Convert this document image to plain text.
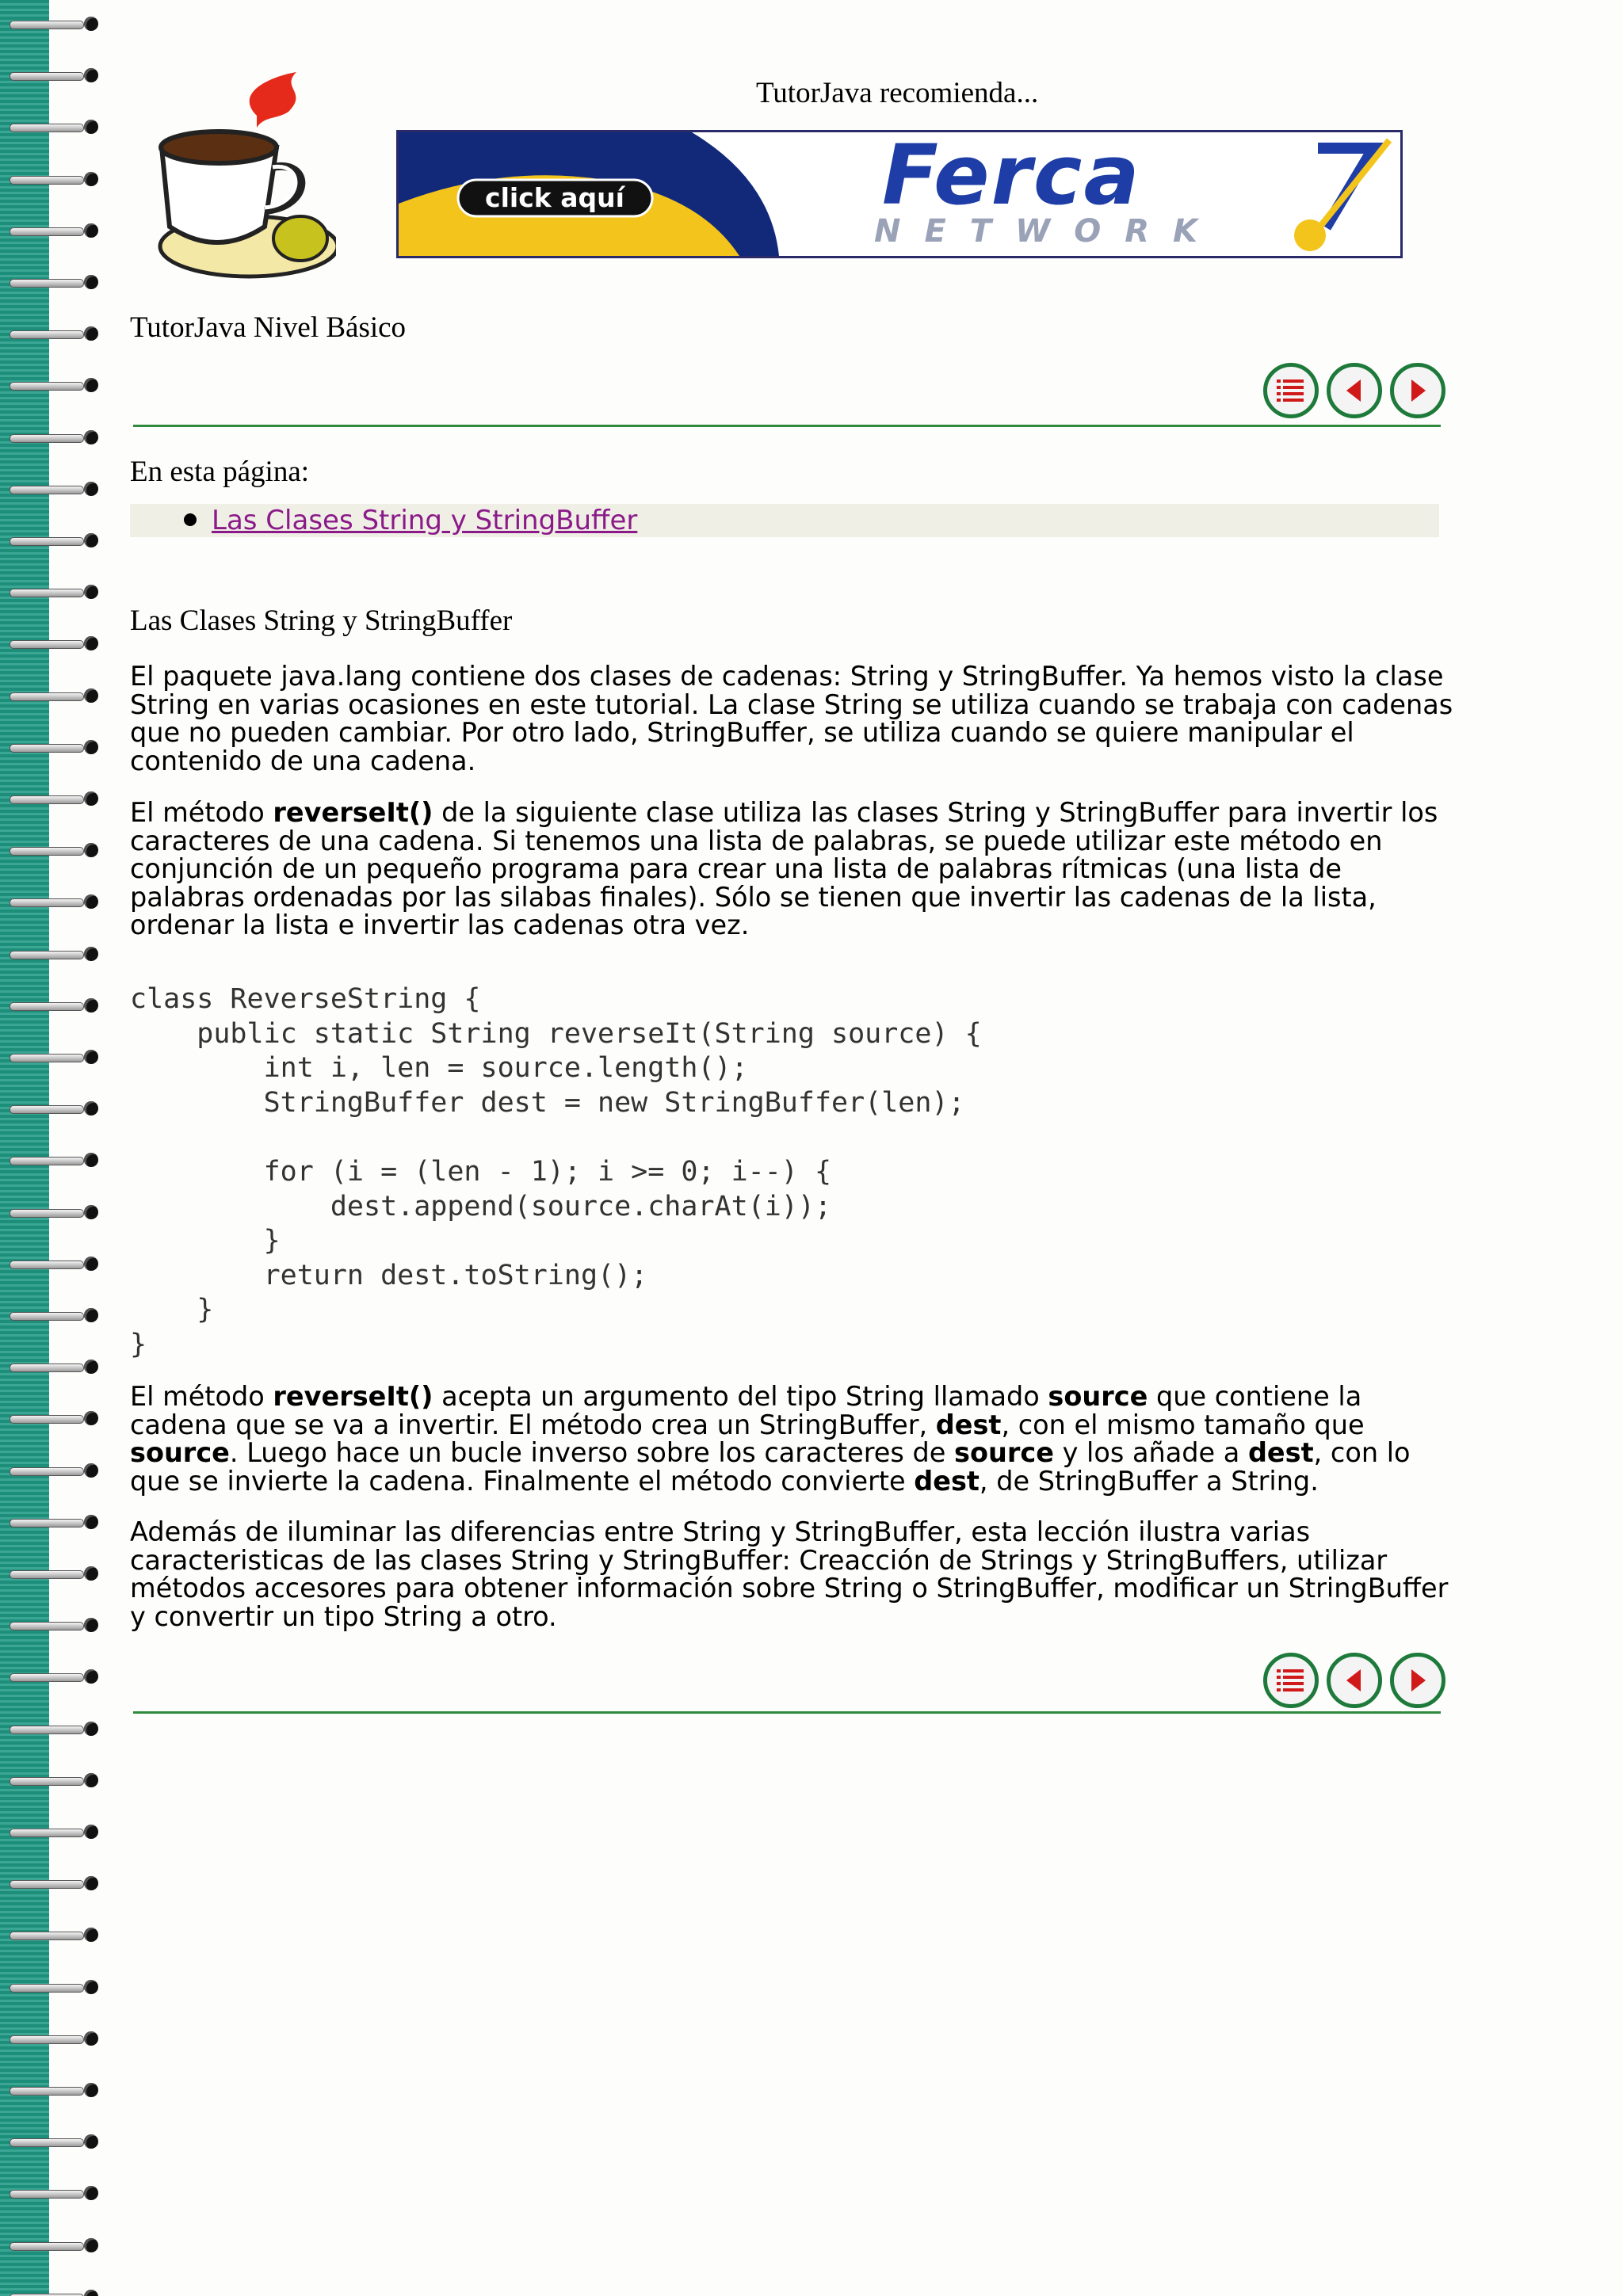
TutorJava recomienda...
click aquí	Ferca
NETWORK
TutorJava Nivel Básico
En esta página:
Las Clases String y StringBuffer
Las Clases String y StringBuffer

El paquete java.lang contiene dos clases de cadenas: String y StringBuffer. Ya hemos visto la clase String en varias ocasiones en este tutorial. La clase String se utiliza cuando se trabaja con cadenas que no pueden cambiar. Por otro lado, StringBuffer, se utiliza cuando se quiere manipular el contenido de una cadena.

El método reverseIt() de la siguiente clase utiliza las clases String y StringBuffer para invertir los caracteres de una cadena. Si tenemos una lista de palabras, se puede utilizar este método en conjunción de un pequeño programa para crear una lista de palabras rítmicas (una lista de palabras ordenadas por las silabas finales). Sólo se tienen que invertir las cadenas de la lista, ordenar la lista e invertir las cadenas otra vez.

class ReverseString {
public static String reverseIt(String source) {
int i, len = source.length();
StringBuffer dest = new StringBuffer(len);

for (i = (len - 1); i >= 0; i--) {
dest.append(source.charAt(i));
}
return dest.toString();
}
}

El método reverseIt() acepta un argumento del tipo String llamado source que contiene la cadena que se va a invertir. El método crea un StringBuffer, dest, con el mismo tamaño que source. Luego hace un bucle inverso sobre los caracteres de source y los añade a dest, con lo que se invierte la cadena. Finalmente el método convierte dest, de StringBuffer a String.

Además de iluminar las diferencias entre String y StringBuffer, esta lección ilustra varias caracteristicas de las clases String y StringBuffer: Creacción de Strings y StringBuffers, utilizar métodos accesores para obtener información sobre String o StringBuffer, modificar un StringBuffer y convertir un tipo String a otro.
